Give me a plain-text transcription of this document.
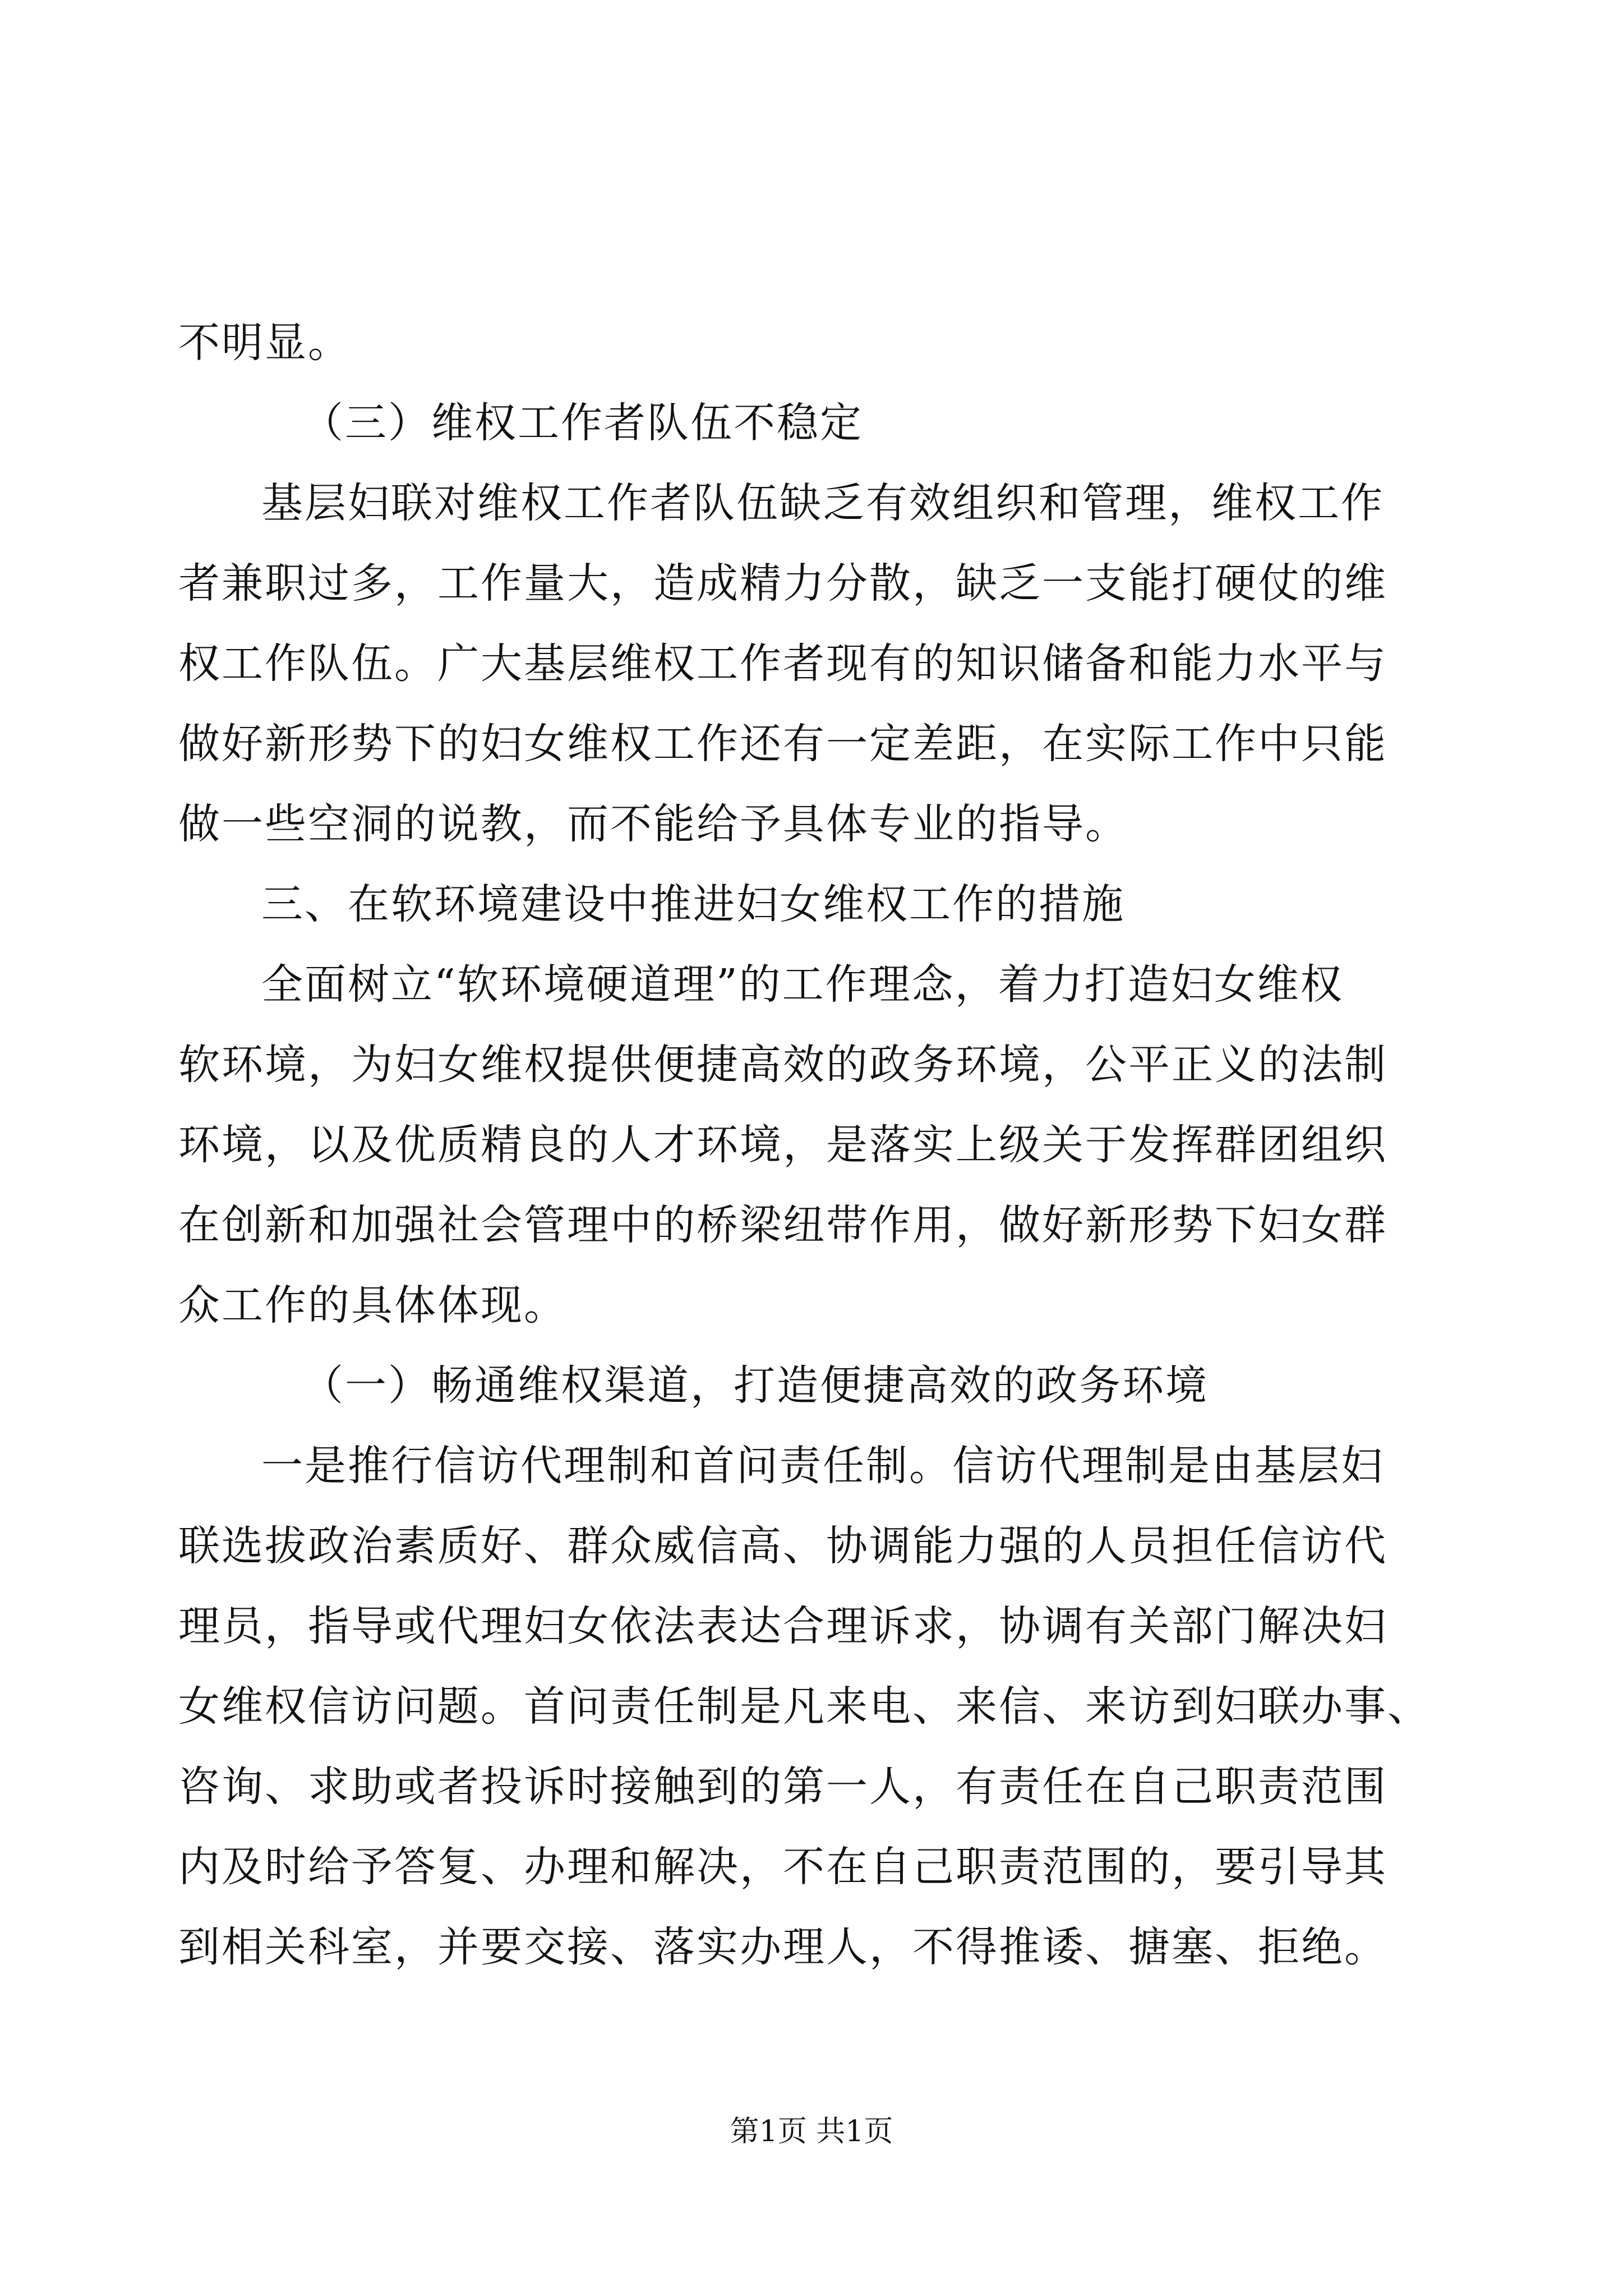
不明显。
（三）维权工作者队伍不稳定
基层妇联对维权工作者队伍缺乏有效组织和管理，维权工作
者兼职过多，工作量大，造成精力分散，缺乏一支能打硬仗的维
权工作队伍。广大基层维权工作者现有的知识储备和能力水平与
做好新形势下的妇女维权工作还有一定差距，在实际工作中只能
做一些空洞的说教，而不能给予具体专业的指导。
三、在软环境建设中推进妇女维权工作的措施
全面树立“软环境硬道理”的工作理念，着力打造妇女维权
软环境，为妇女维权提供便捷高效的政务环境，公平正义的法制
环境，以及优质精良的人才环境，是落实上级关于发挥群团组织
在创新和加强社会管理中的桥梁纽带作用，做好新形势下妇女群
众工作的具体体现。
（一）畅通维权渠道，打造便捷高效的政务环境
一是推行信访代理制和首问责任制。信访代理制是由基层妇
联选拔政治素质好、群众威信高、协调能力强的人员担任信访代
理员，指导或代理妇女依法表达合理诉求，协调有关部门解决妇
女维权信访问题。首问责任制是凡来电、来信、来访到妇联办事、
咨询、求助或者投诉时接触到的第一人，有责任在自己职责范围
内及时给予答复、办理和解决，不在自己职责范围的，要引导其
到相关科室，并要交接、落实办理人，不得推诿、搪塞、拒绝。
第1页 共1页
